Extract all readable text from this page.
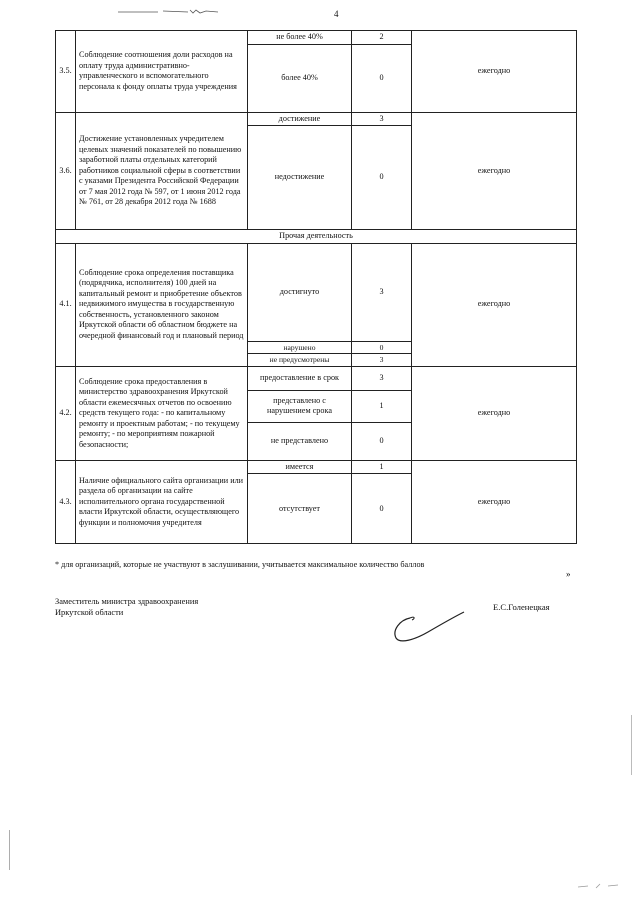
4
3.5.	Соблюдение соотношения доли расходов на оплату труда административно-управленческого и вспомогательного персонала к фонду оплаты труда учреждения	не более 40%	2	ежегодно
		более 40%	0	
3.6.	Достижение установленных учредителем целевых значений показателей по повышению заработной платы отдельных категорий работников социальной сферы в соответствии с указами Президента Российской Федерации от 7 мая 2012 года № 597, от 1 июня 2012 года № 761, от 28 декабря 2012 года № 1688	достижение	3	ежегодно
		недостижение	0	
Прочая деятельность				
4.1.	Соблюдение срока определения поставщика (подрядчика, исполнителя) 100 дней на капитальный ремонт и приобретение объектов недвижимого имущества в государственную собственность, установленного законом Иркутской области об областном бюджете на очередной финансовый год и плановый период	достигнуто	3	ежегодно
		нарушено	0	
		не предусмотрены	3	
4.2.	Соблюдение срока предоставления в министерство здравоохранения Иркутской области ежемесячных отчетов по освоению средств текущего года: - по капитальному ремонту и проектным работам; - по текущему ремонту; - по мероприятиям пожарной безопасности;	предоставление в срок	3	ежегодно
		представлено с нарушением срока	1	
		не представлено	0	
4.3.	Наличие официального сайта организации или раздела об организации на сайте исполнительного органа государственной власти Иркутской области, осуществляющего функции и полномочия учредителя	имеется	1	ежегодно
		отсутствует	0	
* для организаций, которые не участвуют в заслушивании, учитывается максимальное количество баллов
»
Заместитель министра здравоохранения
Иркутской области
Е.С.Голенецкая
